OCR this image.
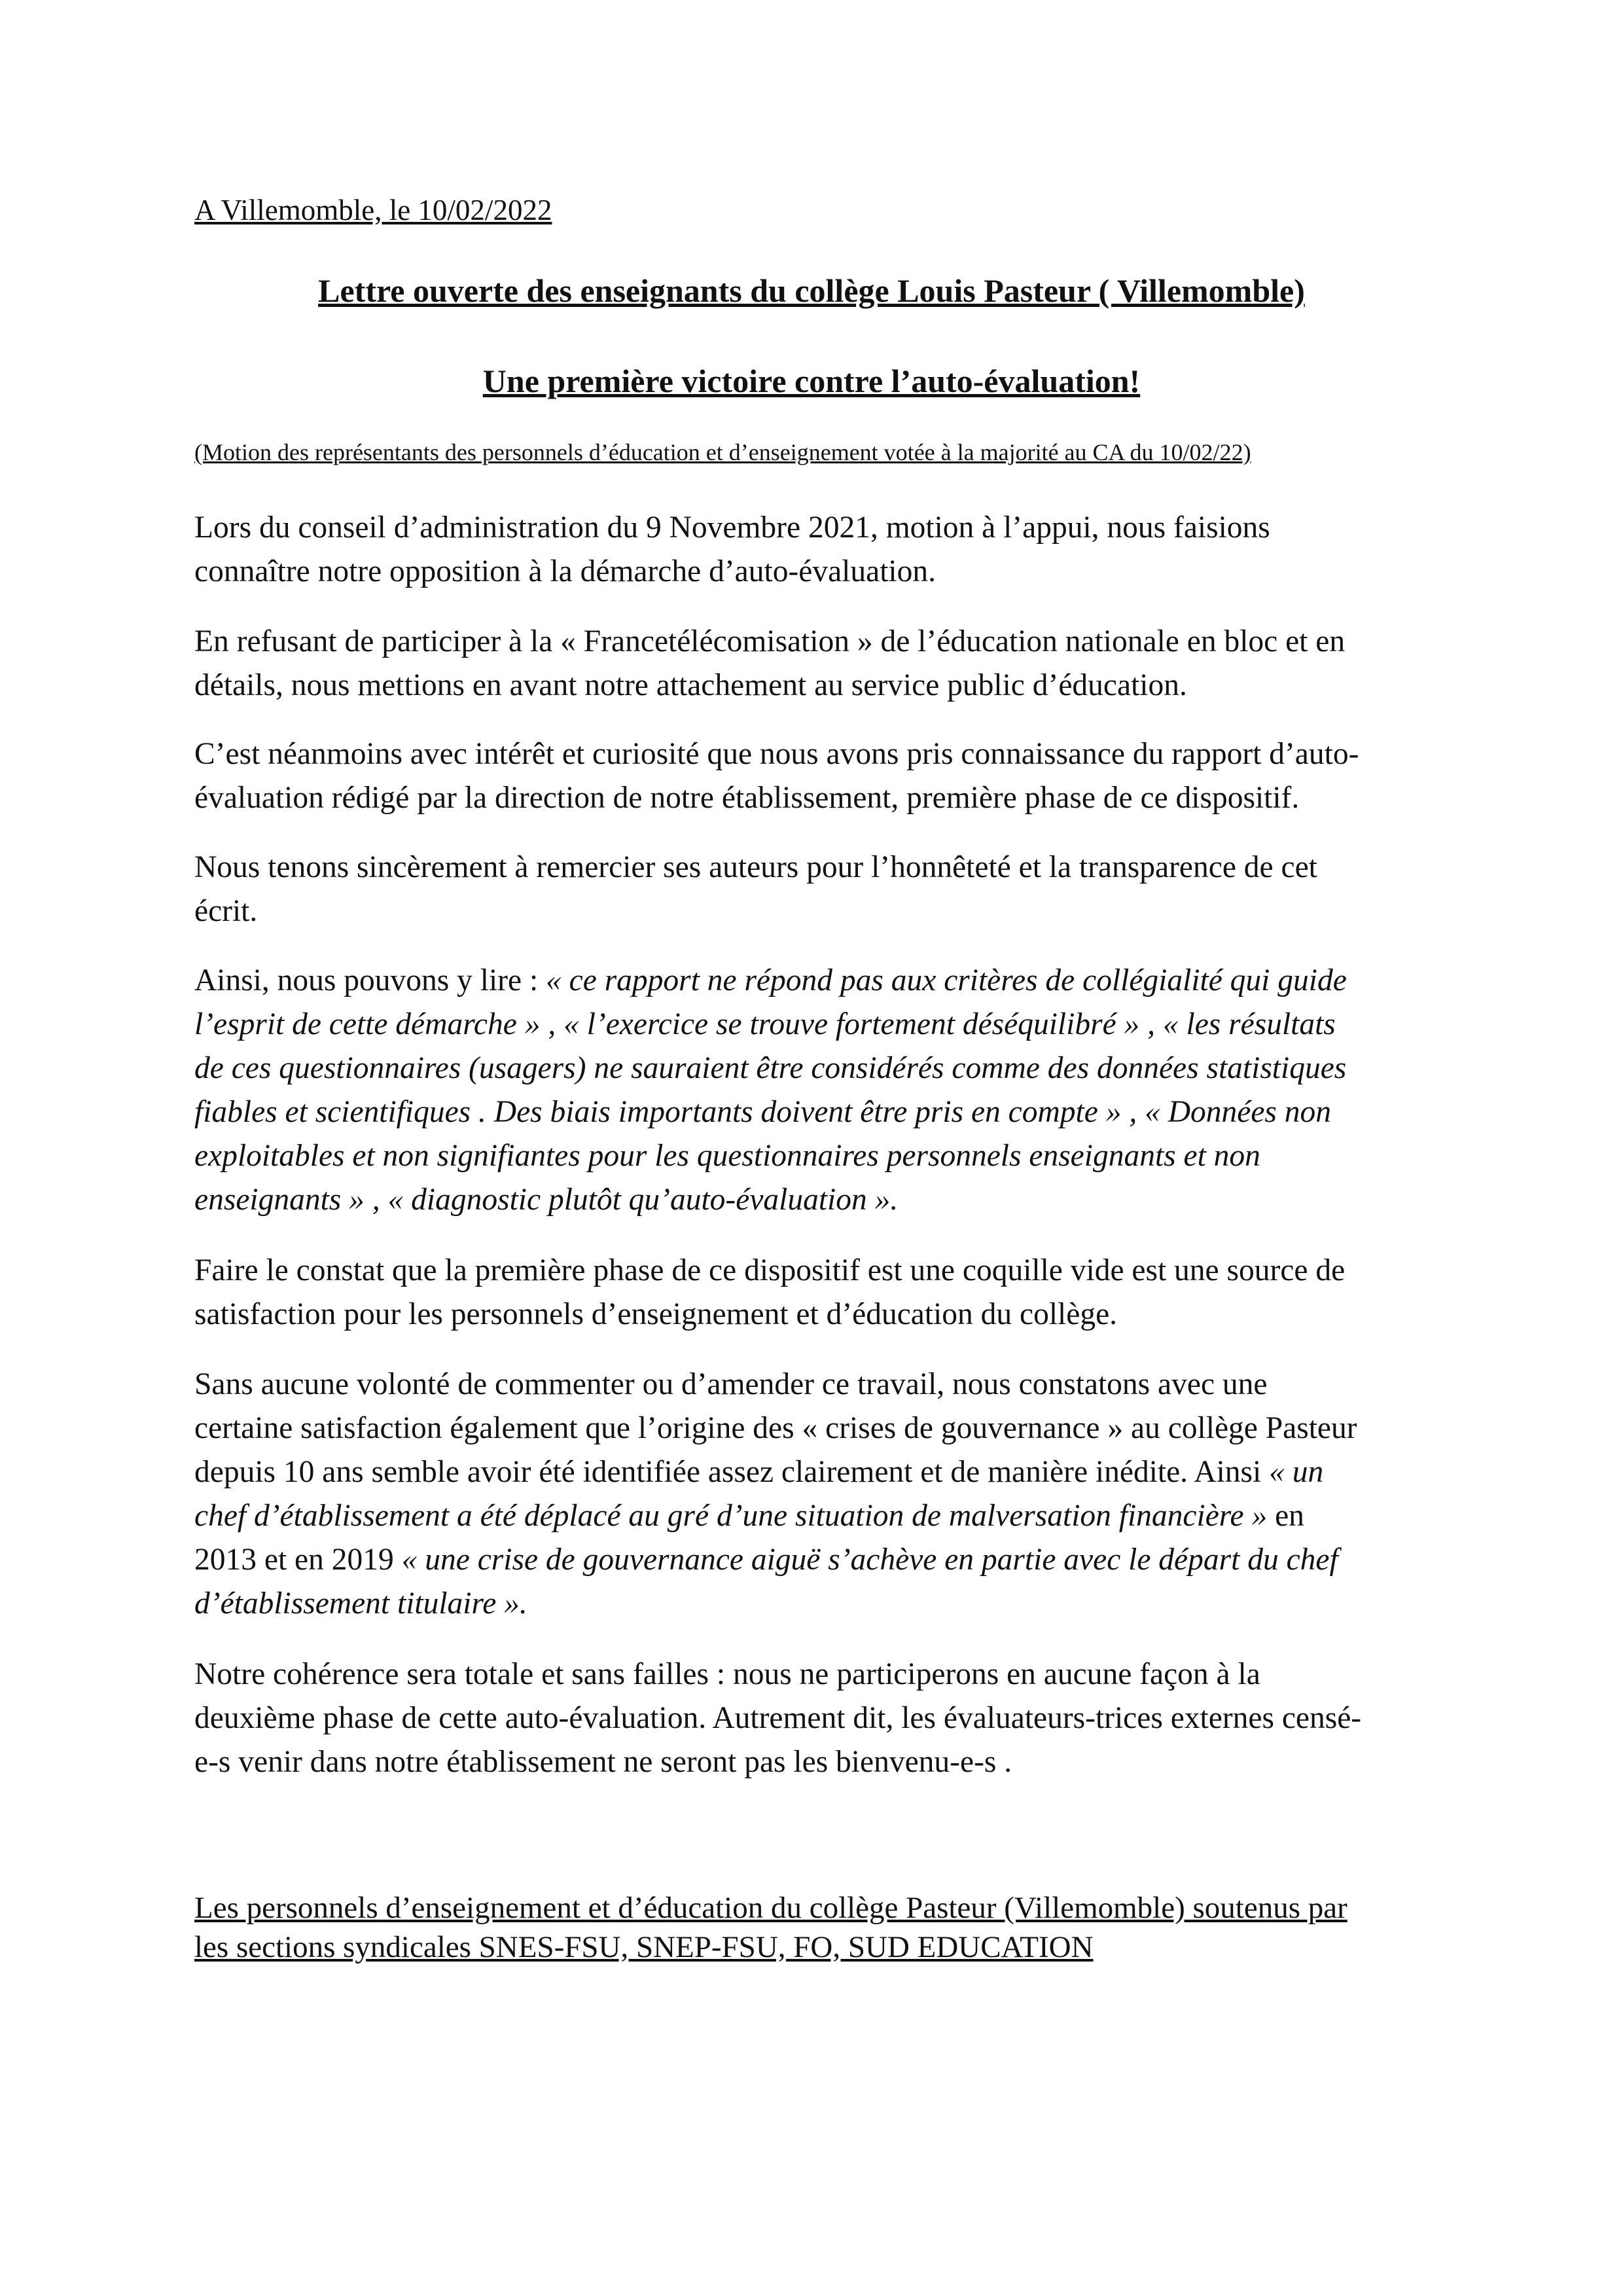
A Villemomble, le 10/02/2022

Lettre ouverte des enseignants du collège Louis Pasteur ( Villemomble)
Une première victoire contre l’auto-évaluation!

(Motion des représentants des personnels d’éducation et d’enseignement votée à la majorité au CA du 10/02/22)

Lors du conseil d’administration du 9 Novembre 2021, motion à l’appui, nous faisions
connaître notre opposition à la démarche d’auto-évaluation.

En refusant de participer à la « Francetélécomisation » de l’éducation nationale en bloc et en
détails, nous mettions en avant notre attachement au service public d’éducation.

C’est néanmoins avec intérêt et curiosité que nous avons pris connaissance du rapport d’auto-
évaluation rédigé par la direction de notre établissement, première phase de ce dispositif.

Nous tenons sincèrement à remercier ses auteurs pour l’honnêteté et la transparence de cet
écrit.

Ainsi, nous pouvons y lire : « ce rapport ne répond pas aux critères de collégialité qui guide
l’esprit de cette démarche » , « l’exercice se trouve fortement déséquilibré » , « les résultats
de ces questionnaires (usagers) ne sauraient être considérés comme des données statistiques
fiables et scientifiques . Des biais importants doivent être pris en compte » , « Données non
exploitables et non signifiantes pour les questionnaires personnels enseignants et non
enseignants » , « diagnostic plutôt qu’auto-évaluation ».

Faire le constat que la première phase de ce dispositif est une coquille vide est une source de
satisfaction pour les personnels d’enseignement et d’éducation du collège.

Sans aucune volonté de commenter ou d’amender ce travail, nous constatons avec une
certaine satisfaction également que l’origine des « crises de gouvernance » au collège Pasteur
depuis 10 ans semble avoir été identifiée assez clairement et de manière inédite. Ainsi « un
chef d’établissement a été déplacé au gré d’une situation de malversation financière » en
2013 et en 2019 « une crise de gouvernance aiguë s’achève en partie avec le départ du chef
d’établissement titulaire ».

Notre cohérence sera totale et sans failles : nous ne participerons en aucune façon à la
deuxième phase de cette auto-évaluation. Autrement dit, les évaluateurs-trices externes censé-
e-s venir dans notre établissement ne seront pas les bienvenu-e-s .

Les personnels d’enseignement et d’éducation du collège Pasteur (Villemomble) soutenus par
les sections syndicales SNES-FSU, SNEP-FSU, FO, SUD EDUCATION
